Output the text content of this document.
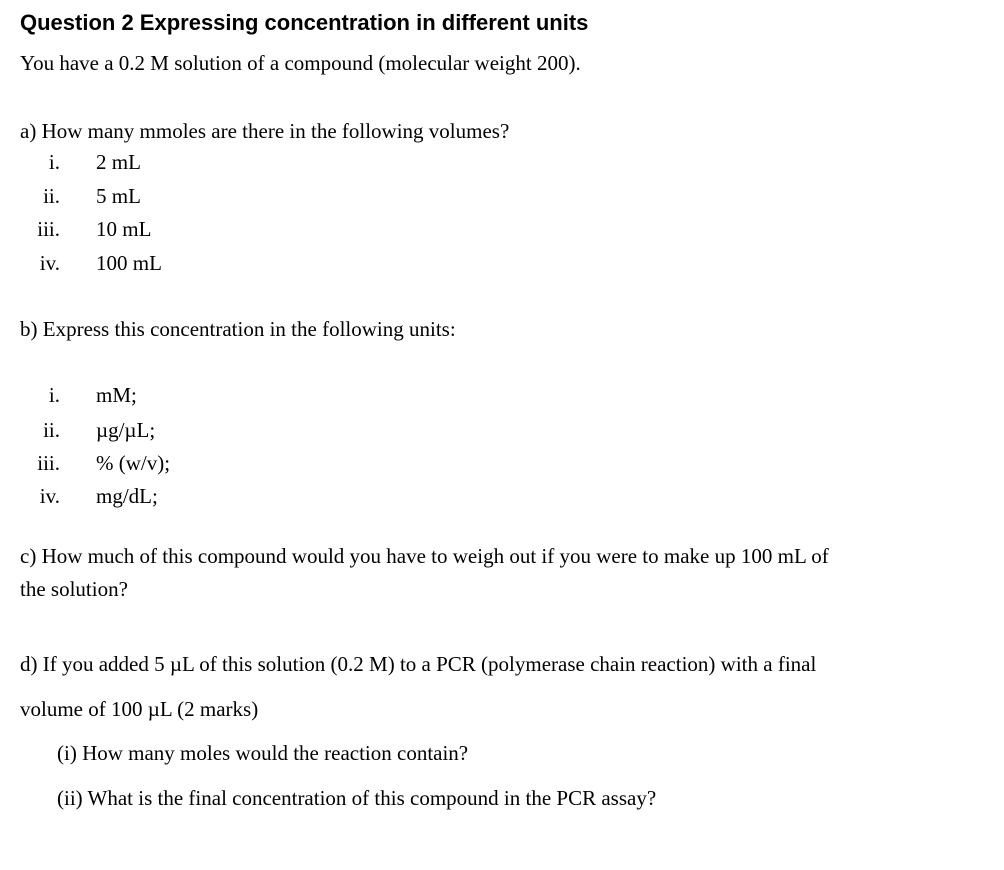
Question 2 Expressing concentration in different units
You have a 0.2 M solution of a compound (molecular weight 200).
a) How many mmoles are there in the following volumes?
i. 2 mL
ii. 5 mL
iii. 10 mL
iv. 100 mL
b) Express this concentration in the following units:
i. mM;
ii. µg/µL;
iii. % (w/v);
iv. mg/dL;
c) How much of this compound would you have to weigh out if you were to make up 100 mL of
the solution?
d) If you added 5 µL of this solution (0.2 M) to a PCR (polymerase chain reaction) with a final
volume of 100 µL (2 marks)
(i) How many moles would the reaction contain?
(ii) What is the final concentration of this compound in the PCR assay?
